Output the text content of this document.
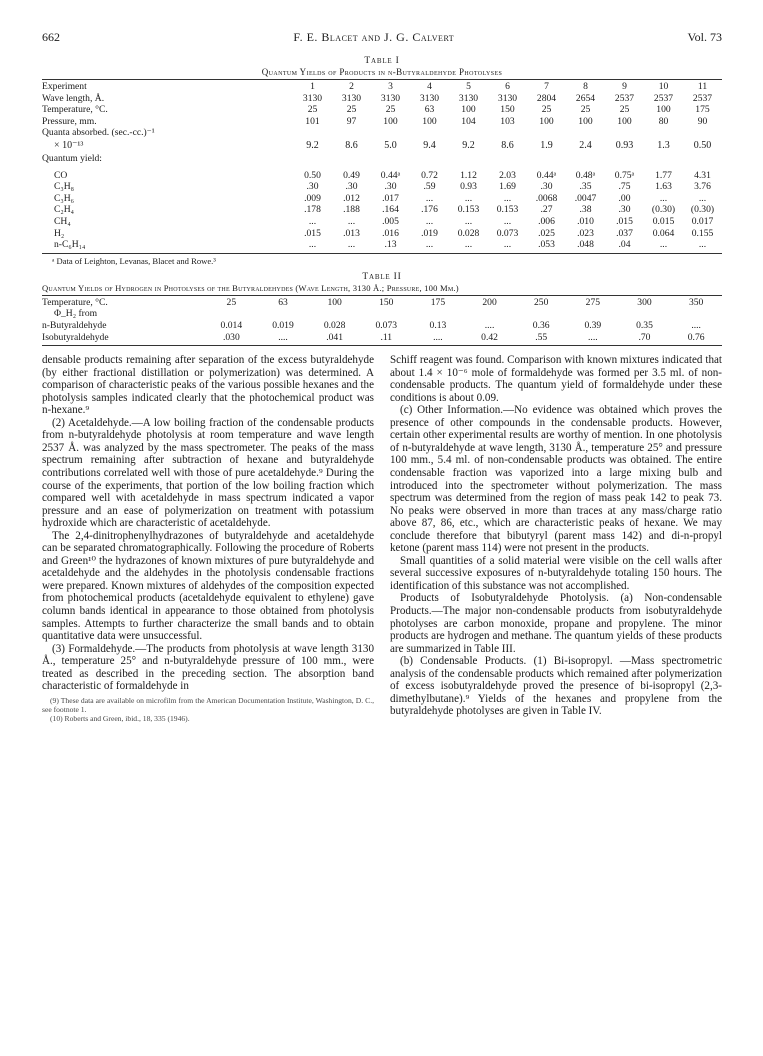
662	F. E. Blacet and J. G. Calvert	Vol. 73
Table I
Quantum Yields of Products in n-Butyraldehyde Photolyses
Experiment	1	2	3	4	5	6	7	8	9	10	11
Wave length, Å.	3130	3130	3130	3130	3130	3130	2804	2654	2537	2537	2537
Temperature, °C.	25	25	25	63	100	150	25	25	25	100	175
Pressure, mm.	101	97	100	100	104	103	100	100	100	80	90
Quanta absorbed. (sec.-cc.)⁻¹											
× 10⁻¹³	9.2	8.6	5.0	9.4	9.2	8.6	1.9	2.4	0.93	1.3	0.50
Quantum yield:											

CO	0.50	0.49	0.44ᵃ	0.72	1.12	2.03	0.44ᵃ	0.48ᵃ	0.75ᵃ	1.77	4.31
C₃H₈	.30	.30	.30	.59	0.93	1.69	.30	.35	.75	1.63	3.76
C₃H₆	.009	.012	.017	...	...	...	.0068	.0047	.00	...	...
C₂H₄	.178	.188	.164	.176	0.153	0.153	.27	.38	.30	(0.30)	(0.30)
CH₄	...	...	.005	...	...	...	.006	.010	.015	0.015	0.017
H₂	.015	.013	.016	.019	0.028	0.073	.025	.023	.037	0.064	0.155
n-C₆H₁₄	...	...	.13	...	...	...	.053	.048	.04	...	...
ᵃ Data of Leighton, Levanas, Blacet and Rowe.³
Table II
Quantum Yields of Hydrogen in Photolyses of the Butyraldehydes (Wave Length, 3130 Å.; Pressure, 100 Mm.)
Temperature, °C.	25	63	100	150	175	200	250	275	300	350
Φ_H₂ from										
n-Butyraldehyde	0.014	0.019	0.028	0.073	0.13	....	0.36	0.39	0.35	....
Isobutyraldehyde	.030	....	.041	.11	....	0.42	.55	....	.70	0.76

densable products remaining after separation of the excess butyraldehyde (by either fractional distillation or polymerization) was determined. A comparison of characteristic peaks of the various possible hexanes and the photolysis samples indicated clearly that the photochemical product was n-hexane.⁹

(2) Acetaldehyde.—A low boiling fraction of the condensable products from n-butyraldehyde photolysis at room temperature and wave length 2537 Å. was analyzed by the mass spectrometer. The peaks of the mass spectrum remaining after subtraction of hexane and butyraldehyde contributions correlated well with those of pure acetaldehyde.⁹ During the course of the experiments, that portion of the low boiling fraction which compared well with acetaldehyde in mass spectrum indicated a vapor pressure and an ease of polymerization on treatment with potassium hydroxide which are characteristic of acetaldehyde.

The 2,4-dinitrophenylhydrazones of butyraldehyde and acetaldehyde can be separated chromatographically. Following the procedure of Roberts and Green¹⁰ the hydrazones of known mixtures of pure butyraldehyde and acetaldehyde and the aldehydes in the photolysis condensable fractions were prepared. Known mixtures of aldehydes of the composition expected from photochemical products (acetaldehyde equivalent to ethylene) gave column bands identical in appearance to those obtained from photolysis samples. Attempts to further characterize the small bands and to obtain quantitative data were unsuccessful.

(3) Formaldehyde.—The products from photolysis at wave length 3130 Å., temperature 25° and n-butyraldehyde pressure of 100 mm., were treated as described in the preceding section. The absorption band characteristic of formaldehyde in

(9) These data are available on microfilm from the American Documentation Institute, Washington, D. C., see footnote 1.
(10) Roberts and Green, ibid., 18, 335 (1946).

Schiff reagent was found. Comparison with known mixtures indicated that about 1.4 × 10⁻⁶ mole of formaldehyde was formed per 3.5 ml. of non-condensable products. The quantum yield of formaldehyde under these conditions is about 0.09.

(c) Other Information.—No evidence was obtained which proves the presence of other compounds in the condensable products. However, certain other experimental results are worthy of mention. In one photolysis of n-butyraldehyde at wave length, 3130 Å., temperature 25° and pressure 100 mm., 5.4 ml. of non-condensable products was obtained. The entire condensable fraction was vaporized into a large mixing bulb and introduced into the spectrometer without polymerization. The mass spectrum was determined from the region of mass peak 142 to peak 73. No peaks were observed in more than traces at any mass/charge ratio above 87, 86, etc., which are characteristic peaks of hexane. We may conclude therefore that bibutyryl (parent mass 142) and di-n-propyl ketone (parent mass 114) were not present in the products.

Small quantities of a solid material were visible on the cell walls after several successive exposures of n-butyraldehyde totaling 150 hours. The identification of this substance was not accomplished.

Products of Isobutyraldehyde Photolysis. (a) Non-condensable Products.—The major non-condensable products from isobutyraldehyde photolyses are carbon monoxide, propane and propylene. The minor products are hydrogen and methane. The quantum yields of these products are summarized in Table III.

(b) Condensable Products. (1) Bi-isopropyl. —Mass spectrometric analysis of the condensable products which remained after polymerization of excess isobutyraldehyde proved the presence of bi-isopropyl (2,3-dimethylbutane).⁹ Yields of the hexanes and propylene from the butyraldehyde photolyses are given in Table IV.
